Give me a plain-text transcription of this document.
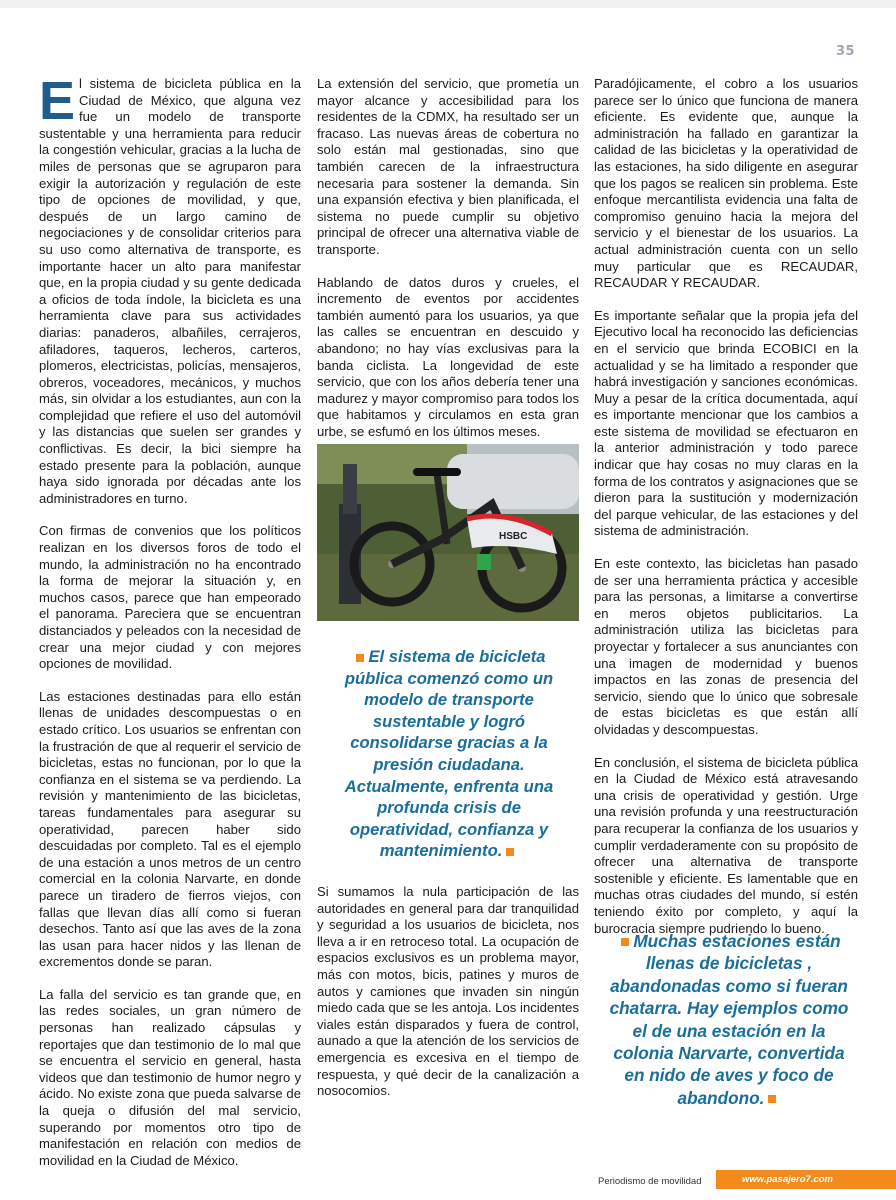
35

El sistema de bicicleta pública en la Ciudad de México, que alguna vez fue un modelo de transporte sustentable y una herramienta para reducir la congestión vehicular, gracias a la lucha de miles de personas que se agruparon para exigir la autorización y regulación de este tipo de opciones de movilidad, y que, después de un largo camino de negociaciones y de consolidar criterios para su uso como alternativa de transporte, es importante hacer un alto para manifestar que, en la propia ciudad y su gente dedicada a oficios de toda índole, la bicicleta es una herramienta clave para sus actividades diarias: panaderos, albañiles, cerrajeros, afiladores, taqueros, lecheros, carteros, plomeros, electricistas, policías, mensajeros, obreros, voceadores, mecánicos, y muchos más, sin olvidar a los estudiantes, aun con la complejidad que refiere el uso del automóvil y las distancias que suelen ser grandes y conflictivas. Es decir, la bici siempre ha estado presente para la población, aunque haya sido ignorada por décadas ante los administradores en turno.

Con firmas de convenios que los políticos realizan en los diversos foros de todo el mundo, la administración no ha encontrado la forma de mejorar la situación y, en muchos casos, parece que han empeorado el panorama. Pareciera que se encuentran distanciados y peleados con la necesidad de crear una mejor ciudad y con mejores opciones de movilidad.

Las estaciones destinadas para ello están llenas de unidades descompuestas o en estado crítico. Los usuarios se enfrentan con la frustración de que al requerir el servicio de bicicletas, estas no funcionan, por lo que la confianza en el sistema se va perdiendo. La revisión y mantenimiento de las bicicletas, tareas fundamentales para asegurar su operatividad, parecen haber sido descuidadas por completo. Tal es el ejemplo de una estación a unos metros de un centro comercial en la colonia Narvarte, en donde parece un tiradero de fierros viejos, con fallas que llevan días allí como si fueran desechos. Tanto así que las aves de la zona las usan para hacer nidos y las llenan de excrementos donde se paran.

La falla del servicio es tan grande que, en las redes sociales, un gran número de personas han realizado cápsulas y reportajes que dan testimonio de lo mal que se encuentra el servicio en general, hasta videos que dan testimonio de humor negro y ácido. No existe zona que pueda salvarse de la queja o difusión del mal servicio, superando por momentos otro tipo de manifestación en relación con medios de movilidad en la Ciudad de México.

La extensión del servicio, que prometía un mayor alcance y accesibilidad para los residentes de la CDMX, ha resultado ser un fracaso. Las nuevas áreas de cobertura no solo están mal gestionadas, sino que también carecen de la infraestructura necesaria para sostener la demanda. Sin una expansión efectiva y bien planificada, el sistema no puede cumplir su objetivo principal de ofrecer una alternativa viable de transporte.

Hablando de datos duros y crueles, el incremento de eventos por accidentes también aumentó para los usuarios, ya que las calles se encuentran en descuido y abandono; no hay vías exclusivas para la banda ciclista. La longevidad de este servicio, que con los años debería tener una madurez y mayor compromiso para todos los que habitamos y circulamos en esta gran urbe, se esfumó en los últimos meses.

HSBC
El sistema de bicicleta pública comenzó como un modelo de transporte sustentable y logró consolidarse gracias a la presión ciudadana. Actualmente, enfrenta una profunda crisis de operatividad, confianza y mantenimiento.

Si sumamos la nula participación de las autoridades en general para dar tranquilidad y seguridad a los usuarios de bicicleta, nos lleva a ir en retroceso total. La ocupación de espacios exclusivos es un problema mayor, más con motos, bicis, patines y muros de autos y camiones que invaden sin ningún miedo cada que se les antoja. Los incidentes viales están disparados y fuera de control, aunado a que la atención de los servicios de emergencia es excesiva en el tiempo de respuesta, y qué decir de la canalización a nosocomios.

Paradójicamente, el cobro a los usuarios parece ser lo único que funciona de manera eficiente. Es evidente que, aunque la administración ha fallado en garantizar la calidad de las bicicletas y la operatividad de las estaciones, ha sido diligente en asegurar que los pagos se realicen sin problema. Este enfoque mercantilista evidencia una falta de compromiso genuino hacia la mejora del servicio y el bienestar de los usuarios. La actual administración cuenta con un sello muy particular que es RECAUDAR, RECAUDAR Y RECAUDAR.

Es importante señalar que la propia jefa del Ejecutivo local ha reconocido las deficiencias en el servicio que brinda ECOBICI en la actualidad y se ha limitado a responder que habrá investigación y sanciones económicas. Muy a pesar de la crítica documentada, aquí es importante mencionar que los cambios a este sistema de movilidad se efectuaron en la anterior administración y todo parece indicar que hay cosas no muy claras en la forma de los contratos y asignaciones que se dieron para la sustitución y modernización del parque vehicular, de las estaciones y del sistema de administración.

En este contexto, las bicicletas han pasado de ser una herramienta práctica y accesible para las personas, a limitarse a convertirse en meros objetos publicitarios. La administración utiliza las bicicletas para proyectar y fortalecer a sus anunciantes con una imagen de modernidad y buenos impactos en las zonas de presencia del servicio, siendo que lo único que sobresale de estas bicicletas es que están allí olvidadas y descompuestas.

En conclusión, el sistema de bicicleta pública en la Ciudad de México está atravesando una crisis de operatividad y gestión. Urge una revisión profunda y una reestructuración para recuperar la confianza de los usuarios y cumplir verdaderamente con su propósito de ofrecer una alternativa de transporte sostenible y eficiente. Es lamentable que en muchas otras ciudades del mundo, sí estén teniendo éxito por completo, y aquí la burocracia siempre pudriendo lo bueno.

Muchas estaciones están llenas de bicicletas , abandonadas como si fueran chatarra. Hay ejemplos como el de una estación en la colonia Narvarte, convertida en nido de aves y foco de abandono.
Periodismo de movilidad	www.pasajero7.com
